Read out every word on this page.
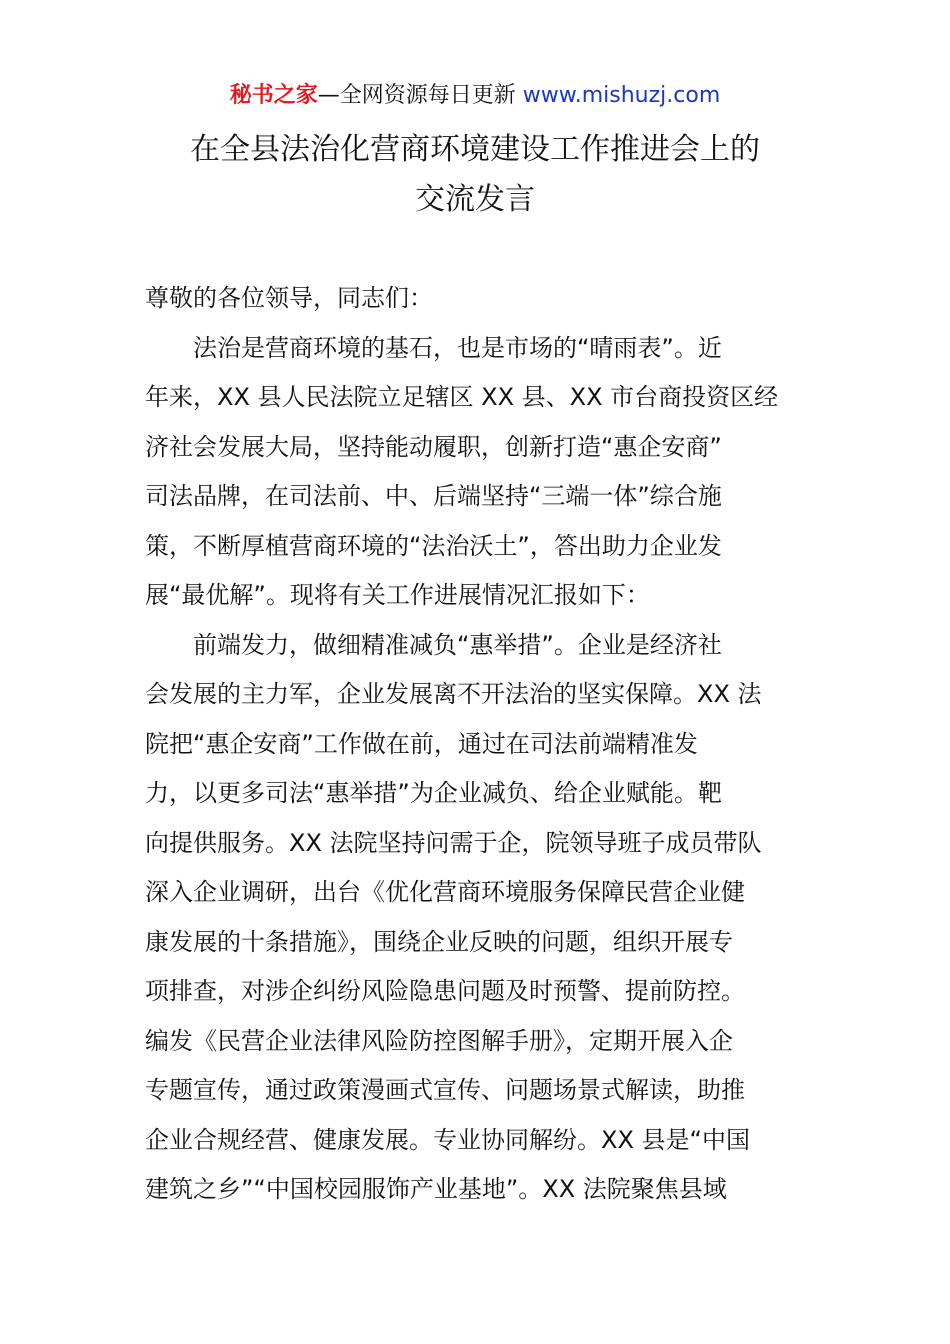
秘书之家—全网资源每日更新 www.mishuzj.com
在全县法治化营商环境建设工作推进会上的
交流发言
尊敬的各位领导，同志们：
法治是营商环境的基石，也是市场的“晴雨表”。近
年来，XX 县人民法院立足辖区 XX 县、XX 市台商投资区经
济社会发展大局，坚持能动履职，创新打造“惠企安商”
司法品牌，在司法前、中、后端坚持“三端一体”综合施
策，不断厚植营商环境的“法治沃土”，答出助力企业发
展“最优解”。现将有关工作进展情况汇报如下：
前端发力，做细精准减负“惠举措”。企业是经济社
会发展的主力军，企业发展离不开法治的坚实保障。XX 法
院把“惠企安商”工作做在前，通过在司法前端精准发
力，以更多司法“惠举措”为企业减负、给企业赋能。靶
向提供服务。XX 法院坚持问需于企，院领导班子成员带队
深入企业调研，出台《优化营商环境服务保障民营企业健
康发展的十条措施》，围绕企业反映的问题，组织开展专
项排查，对涉企纠纷风险隐患问题及时预警、提前防控。
编发《民营企业法律风险防控图解手册》，定期开展入企
专题宣传，通过政策漫画式宣传、问题场景式解读，助推
企业合规经营、健康发展。专业协同解纷。XX 县是“中国
建筑之乡”“中国校园服饰产业基地”。XX 法院聚焦县域
